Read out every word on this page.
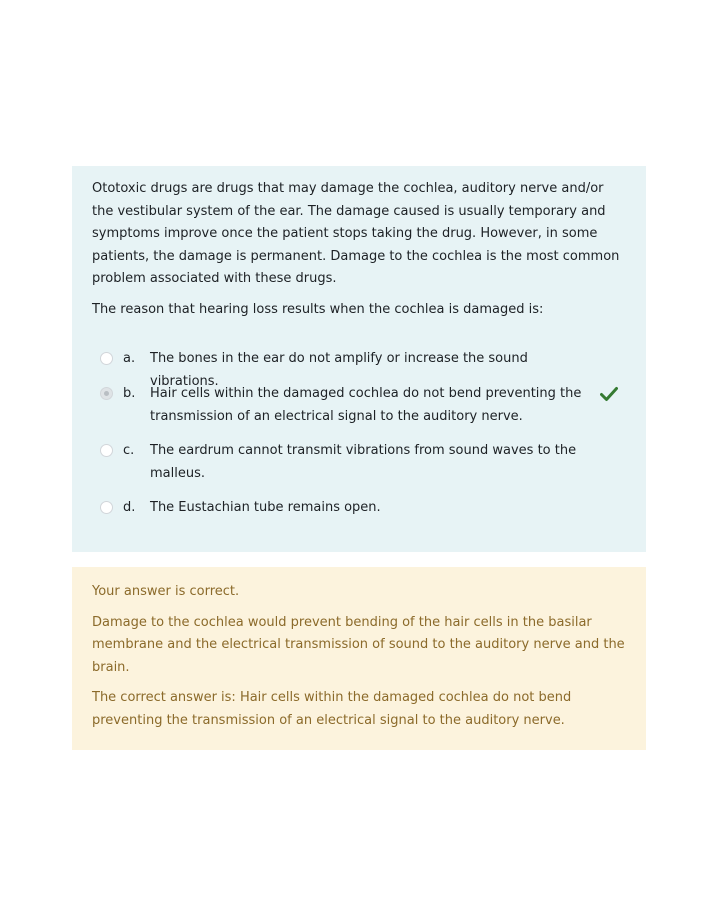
Ototoxic drugs are drugs that may damage the cochlea, auditory nerve and/or the vestibular system of the ear. The damage caused is usually temporary and symptoms improve once the patient stops taking the drug. However, in some patients, the damage is permanent. Damage to the cochlea is the most common problem associated with these drugs.

The reason that hearing loss results when the cochlea is damaged is:

a. The bones in the ear do not amplify or increase the sound vibrations.
b. Hair cells within the damaged cochlea do not bend preventing the transmission of an electrical signal to the auditory nerve.
c. The eardrum cannot transmit vibrations from sound waves to the malleus.
d. The Eustachian tube remains open.

Your answer is correct.

Damage to the cochlea would prevent bending of the hair cells in the basilar membrane and the electrical transmission of sound to the auditory nerve and the brain.

The correct answer is: Hair cells within the damaged cochlea do not bend preventing the transmission of an electrical signal to the auditory nerve.
